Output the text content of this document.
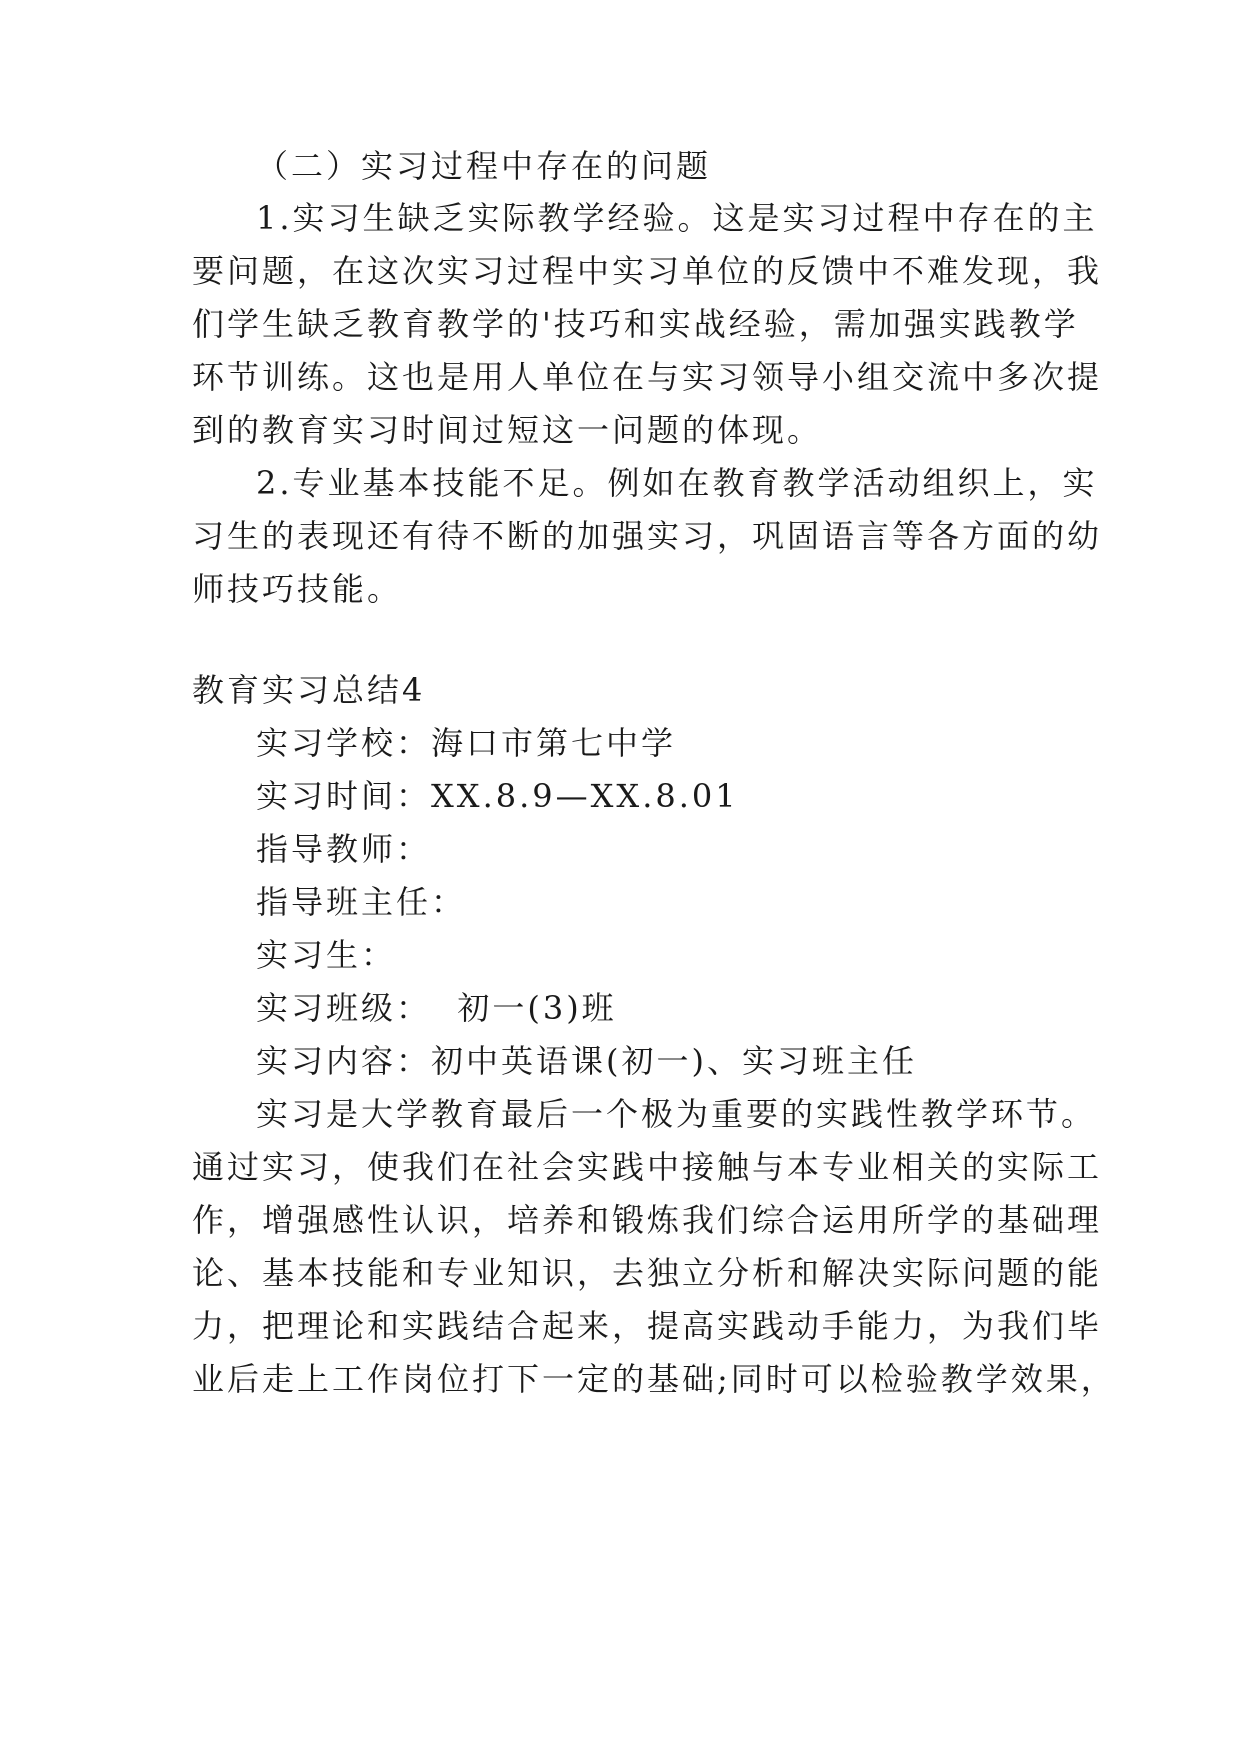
（二）实习过程中存在的问题
1.实习生缺乏实际教学经验。这是实习过程中存在的主
要问题，在这次实习过程中实习单位的反馈中不难发现，我
们学生缺乏教育教学的'技巧和实战经验，需加强实践教学
环节训练。这也是用人单位在与实习领导小组交流中多次提
到的教育实习时间过短这一问题的体现。
2.专业基本技能不足。例如在教育教学活动组织上，实
习生的表现还有待不断的加强实习，巩固语言等各方面的幼
师技巧技能。
教育实习总结4
实习学校：海口市第七中学
实习时间：XX.8.9—XX.8.01
指导教师：
指导班主任：
实习生：
实习班级：  初一(3)班
实习内容：初中英语课(初一)、实习班主任
实习是大学教育最后一个极为重要的实践性教学环节。
通过实习，使我们在社会实践中接触与本专业相关的实际工
作，增强感性认识，培养和锻炼我们综合运用所学的基础理
论、基本技能和专业知识，去独立分析和解决实际问题的能
力，把理论和实践结合起来，提高实践动手能力，为我们毕
业后走上工作岗位打下一定的基础;同时可以检验教学效果，
